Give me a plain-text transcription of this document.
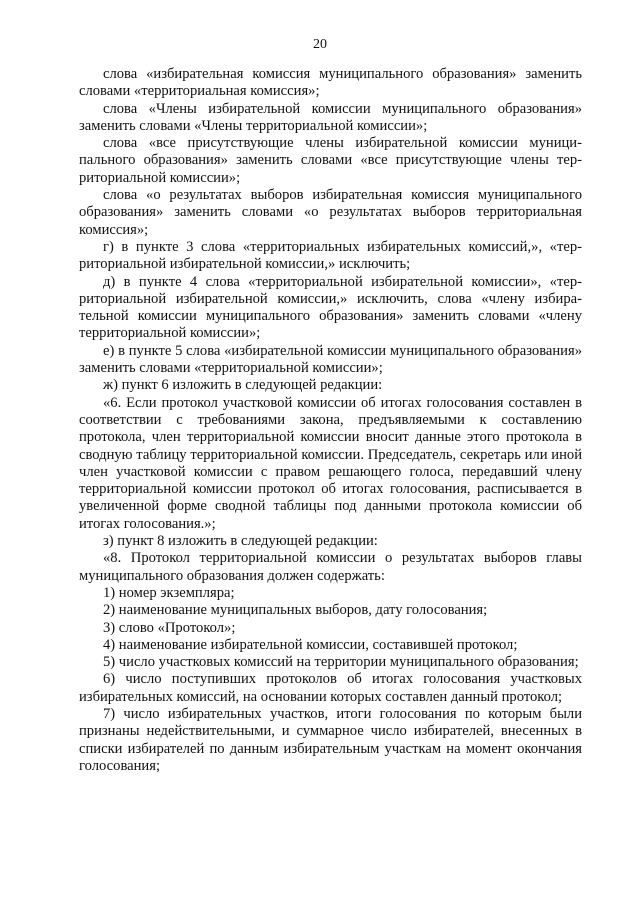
20

слова «избирательная комиссия муниципального образования» заменить словами «территориальная комиссия»;

слова «Члены избирательной комиссии муниципального образования» заменить словами «Члены территориальной комиссии»;

слова «все присутствующие члены избирательной комиссии муниципального образования» заменить словами «все присутствующие члены территориальной комиссии»;

слова «о результатах выборов избирательная комиссия муниципального образования» заменить словами «о результатах выборов территориальная комиссия»;

г) в пункте 3 слова «территориальных избирательных комиссий,», «территориальной избирательной комиссии,» исключить;

д) в пункте 4 слова «территориальной избирательной комиссии», «территориальной избирательной комиссии,» исключить, слова «члену избирательной комиссии муниципального образования» заменить словами «члену территориальной комиссии»;

е) в пункте 5 слова «избирательной комиссии муниципального образования» заменить словами «территориальной комиссии»;

ж) пункт 6 изложить в следующей редакции:

«6. Если протокол участковой комиссии об итогах голосования составлен в соответствии с требованиями закона, предъявляемыми к составлению протокола, член территориальной комиссии вносит данные этого протокола в сводную таблицу территориальной комиссии. Председатель, секретарь или иной член участковой комиссии с правом решающего голоса, передавший члену территориальной комиссии протокол об итогах голосования, расписывается в увеличенной форме сводной таблицы под данными протокола комиссии об итогах голосования.»;

з) пункт 8 изложить в следующей редакции:

«8. Протокол территориальной комиссии о результатах выборов главы муниципального образования должен содержать:

1) номер экземпляра;

2) наименование муниципальных выборов, дату голосования;

3) слово «Протокол»;

4) наименование избирательной комиссии, составившей протокол;

5) число участковых комиссий на территории муниципального образования;

6) число поступивших протоколов об итогах голосования участковых избирательных комиссий, на основании которых составлен данный протокол;

7) число избирательных участков, итоги голосования по которым были признаны недействительными, и суммарное число избирателей, внесенных в списки избирателей по данным избирательным участкам на момент окончания голосования;
